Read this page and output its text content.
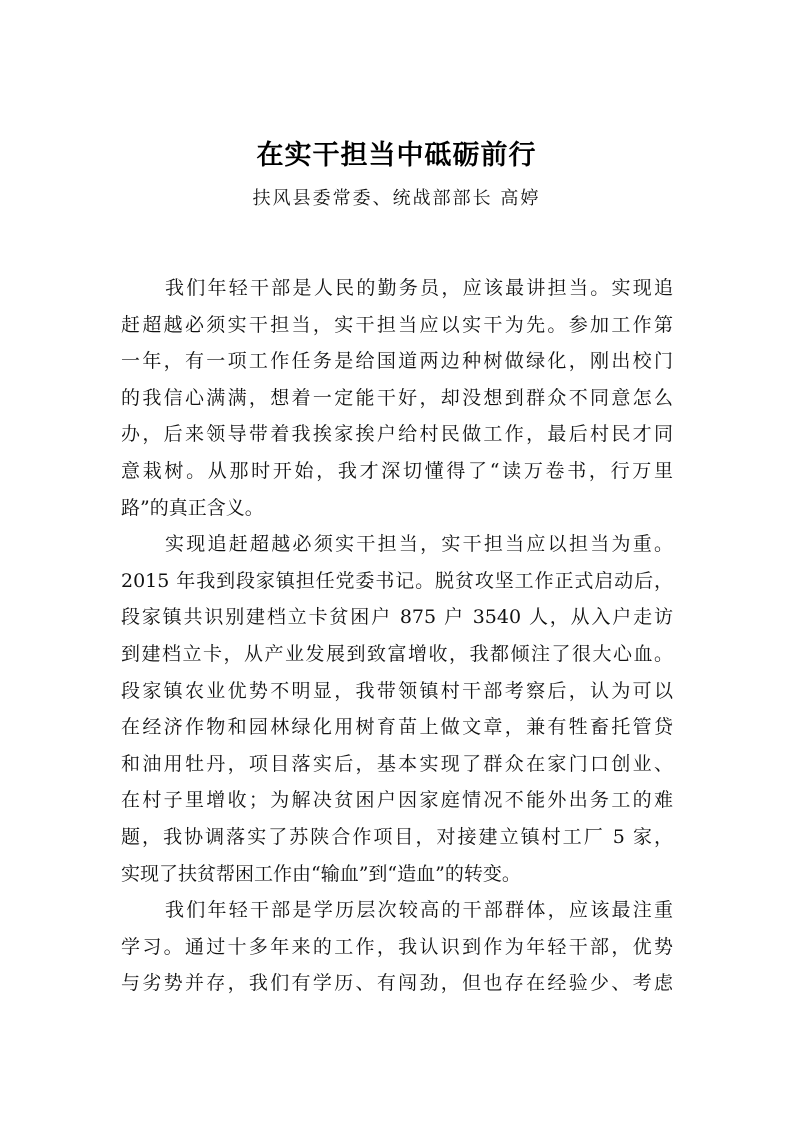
在实干担当中砥砺前行
扶风县委常委、统战部部长 高婷
我们年轻干部是人民的勤务员，应该最讲担当。实现追
赶超越必须实干担当，实干担当应以实干为先。参加工作第
一年，有一项工作任务是给国道两边种树做绿化，刚出校门
的我信心满满，想着一定能干好，却没想到群众不同意怎么
办，后来领导带着我挨家挨户给村民做工作，最后村民才同
意栽树。从那时开始，我才深切懂得了“读万卷书，行万里
路”的真正含义。
实现追赶超越必须实干担当，实干担当应以担当为重。
2015 年我到段家镇担任党委书记。脱贫攻坚工作正式启动后，
段家镇共识别建档立卡贫困户 875 户 3540 人，从入户走访
到建档立卡，从产业发展到致富增收，我都倾注了很大心血。
段家镇农业优势不明显，我带领镇村干部考察后，认为可以
在经济作物和园林绿化用树育苗上做文章，兼有牲畜托管贷
和油用牡丹，项目落实后，基本实现了群众在家门口创业、
在村子里增收；为解决贫困户因家庭情况不能外出务工的难
题，我协调落实了苏陕合作项目，对接建立镇村工厂 5 家，
实现了扶贫帮困工作由“输血”到“造血”的转变。
我们年轻干部是学历层次较高的干部群体，应该最注重
学习。通过十多年来的工作，我认识到作为年轻干部，优势
与劣势并存，我们有学历、有闯劲，但也存在经验少、考虑
